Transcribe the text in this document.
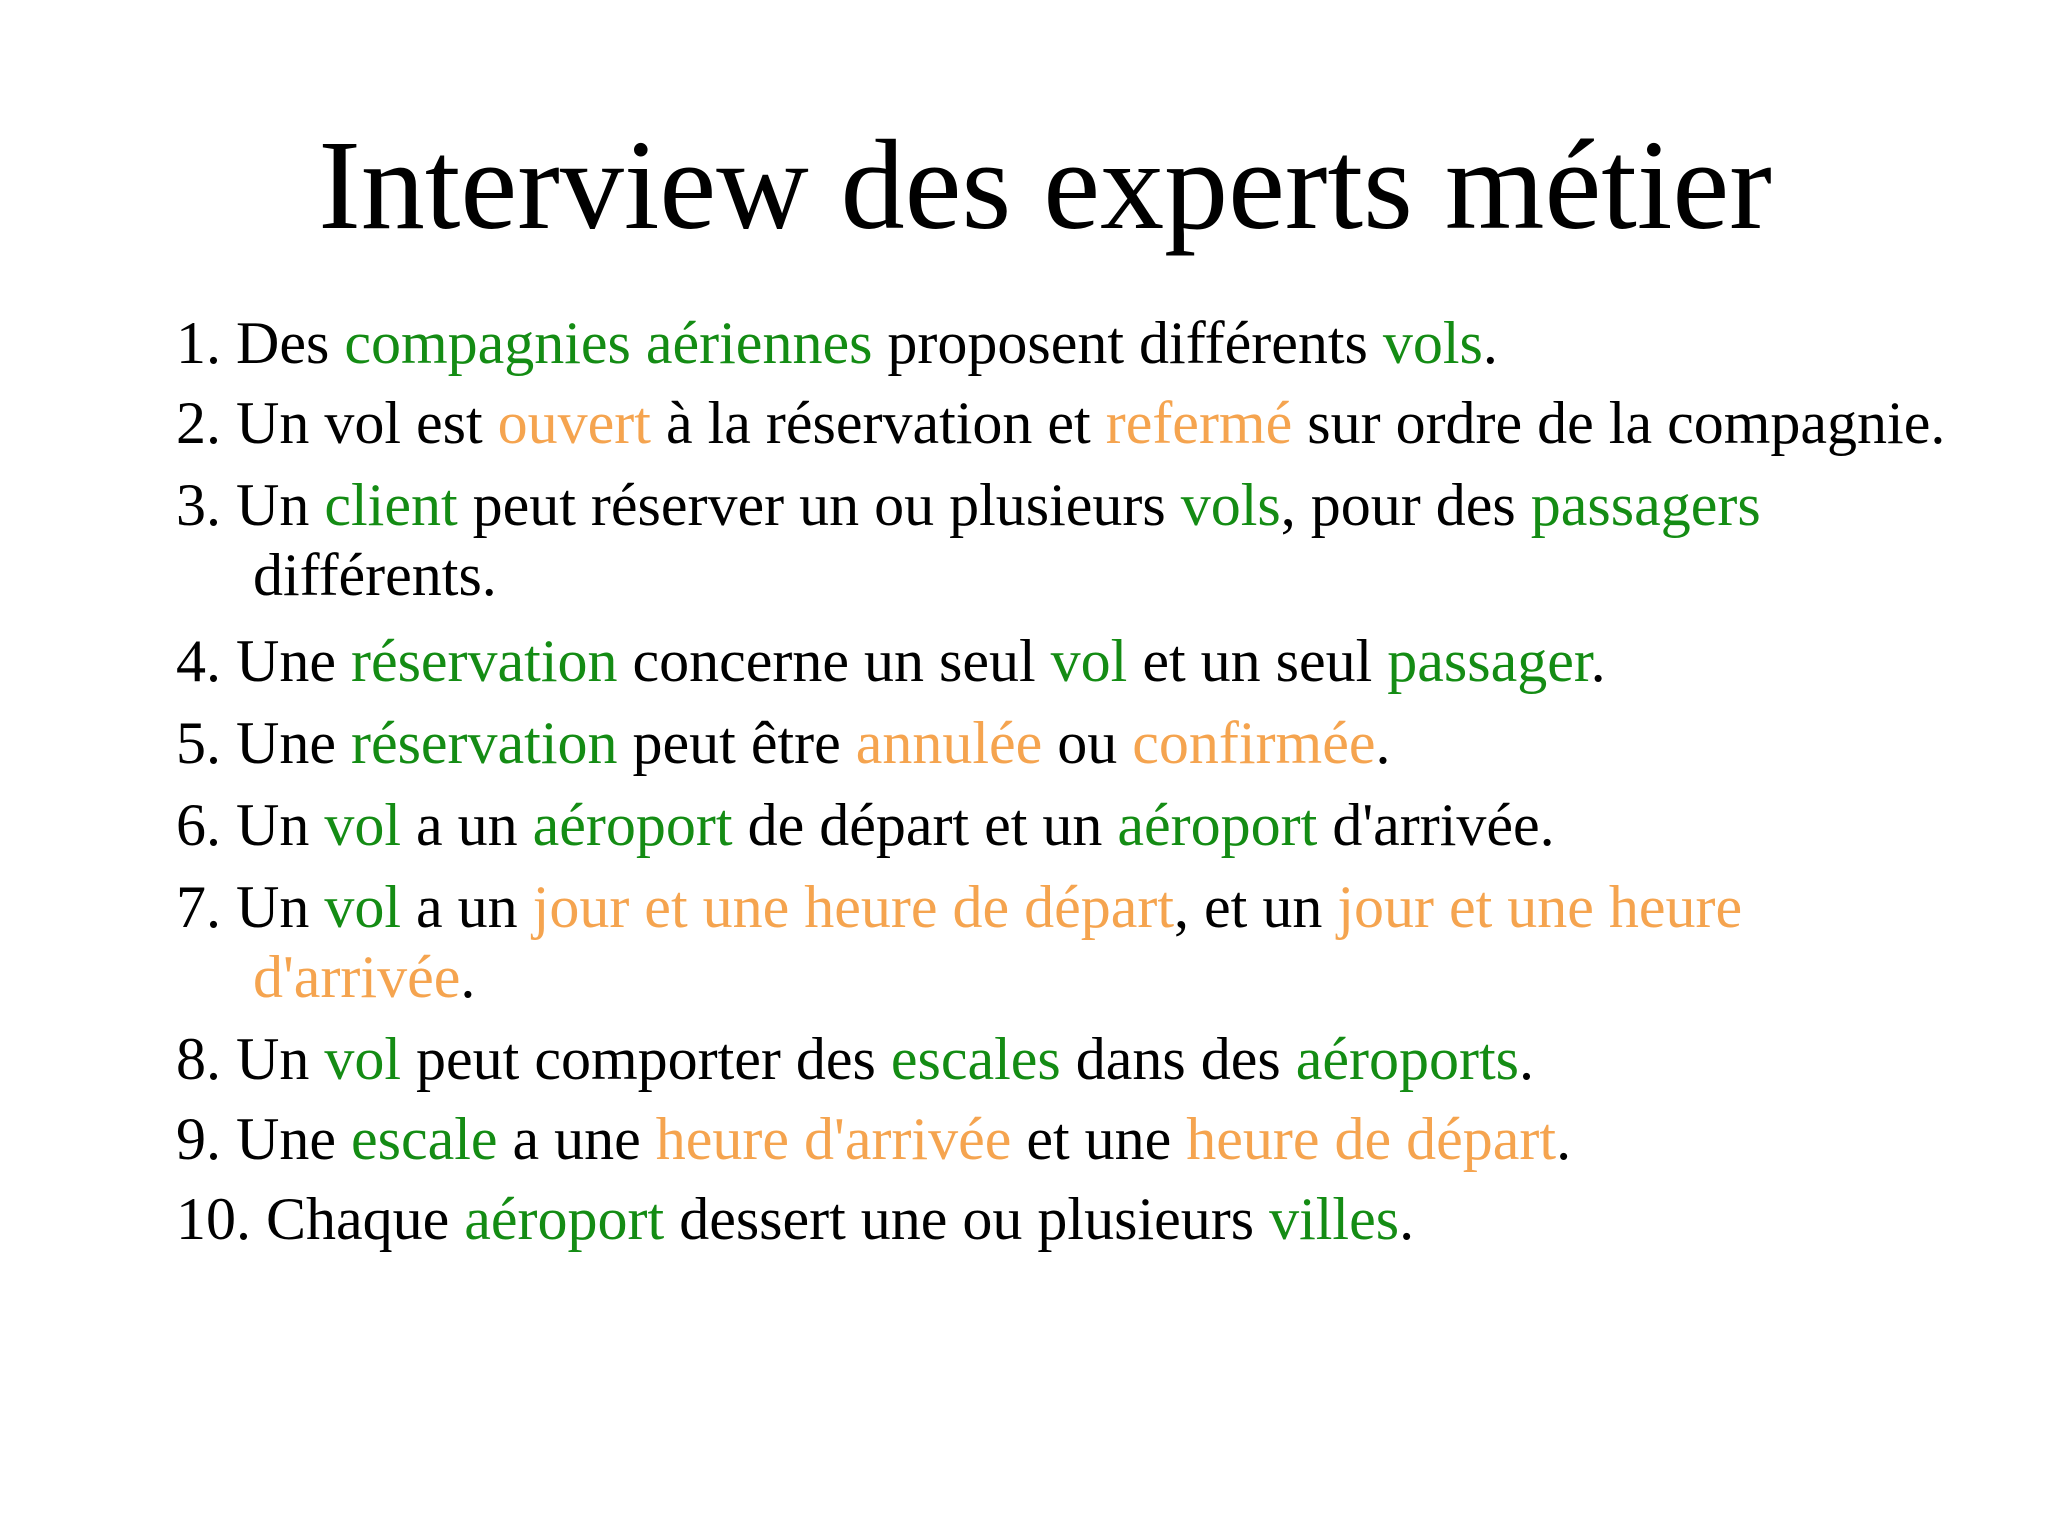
Interview des experts métier
1. Des compagnies aériennes proposent différents vols.
2. Un vol est ouvert à la réservation et refermé sur ordre de la compagnie.
3. Un client peut réserver un ou plusieurs vols, pour des passagers différents.
4. Une réservation concerne un seul vol et un seul passager.
5. Une réservation peut être annulée ou confirmée.
6. Un vol a un aéroport de départ et un aéroport d'arrivée.
7. Un vol a un jour et une heure de départ, et un jour et une heure d'arrivée.
8. Un vol peut comporter des escales dans des aéroports.
9. Une escale a une heure d'arrivée et une heure de départ.
10. Chaque aéroport dessert une ou plusieurs villes.
